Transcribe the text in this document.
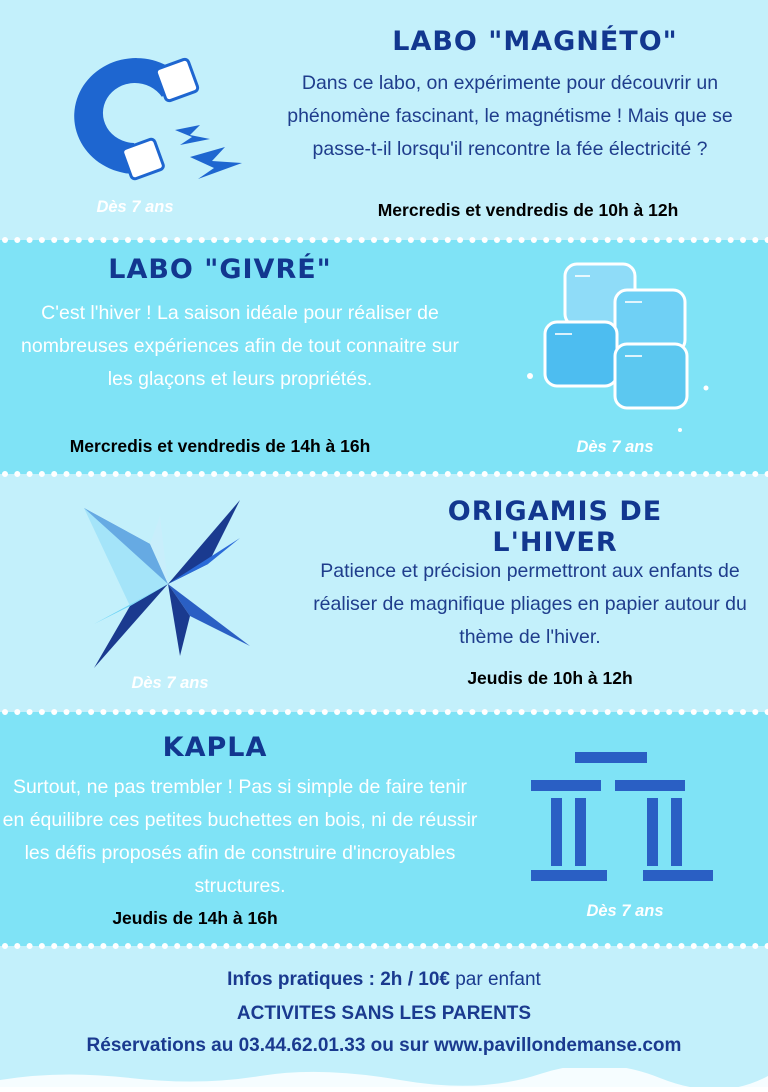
LABO "MAGNÉTO"

Dans ce labo, on expérimente pour découvrir un phénomène fascinant, le magnétisme ! Mais que se passe-t-il lorsqu'il rencontre la fée électricité ?

Dès 7 ans	Mercredis et vendredis de 10h à 12h

LABO "GIVRÉ"

C'est l'hiver ! La saison idéale pour réaliser de nombreuses expériences afin de tout connaitre sur les glaçons et leurs propriétés.

Mercredis et vendredis de 14h à 16h	Dès 7 ans

ORIGAMIS DE L'HIVER

Patience et précision permettront aux enfants de réaliser de magnifique pliages en papier autour du thème de l'hiver.

Dès 7 ans	Jeudis de 10h à 12h

KAPLA

Surtout, ne pas trembler ! Pas si simple de faire tenir en équilibre ces petites buchettes en bois, ni de réussir les défis proposés afin de construire d'incroyables structures.

Jeudis de 14h à 16h	Dès 7 ans

Infos pratiques : 2h / 10€ par enfant

ACTIVITES SANS LES PARENTS

Réservations au 03.44.62.01.33 ou sur www.pavillondemanse.com
